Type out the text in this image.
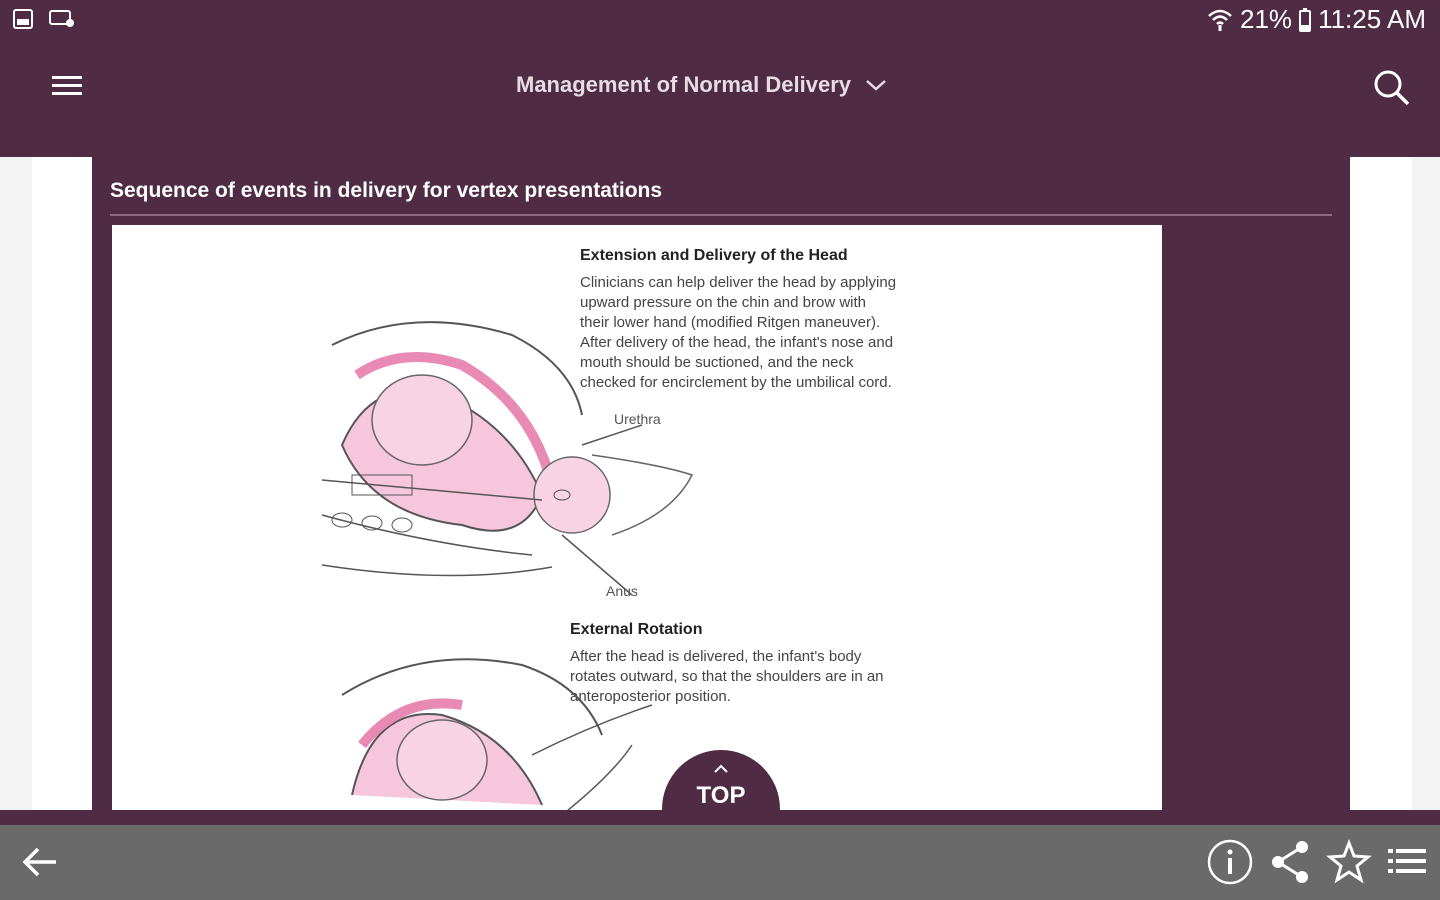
21% 11:25 AM
Management of Normal Delivery
Sequence of events in delivery for vertex presentations
Extension and Delivery of the Head
Clinicians can help deliver the head by applying
upward pressure on the chin and brow with
their lower hand (modified Ritgen maneuver).
After delivery of the head, the infant's nose and
mouth should be suctioned, and the neck
checked for encirclement by the umbilical cord.
Urethra
Anus
External Rotation
After the head is delivered, the infant's body
rotates outward, so that the shoulders are in an
anteroposterior position.
TOP
